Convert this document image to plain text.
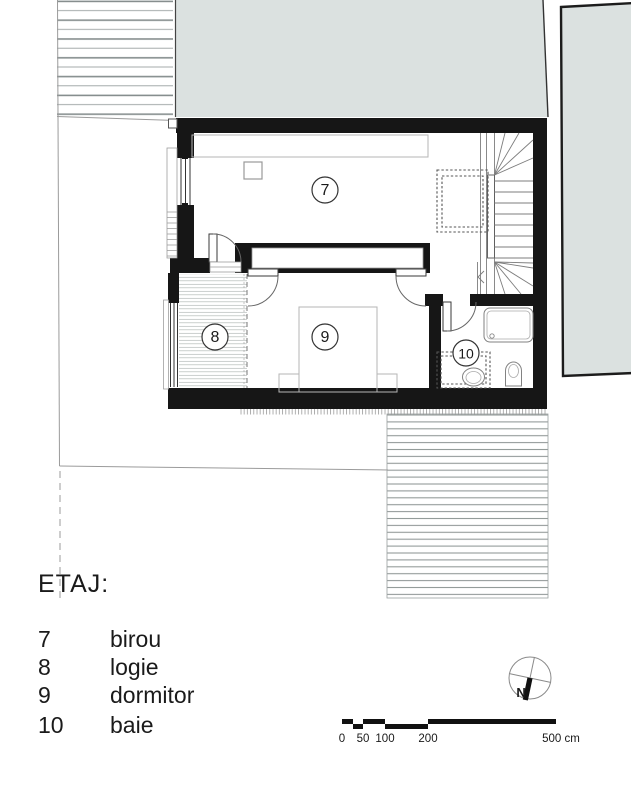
7
8	9
10
ETAJ:
7	birou
8	logie
9	dormitor
10 baie
N
0 50 100 200	500 cm
